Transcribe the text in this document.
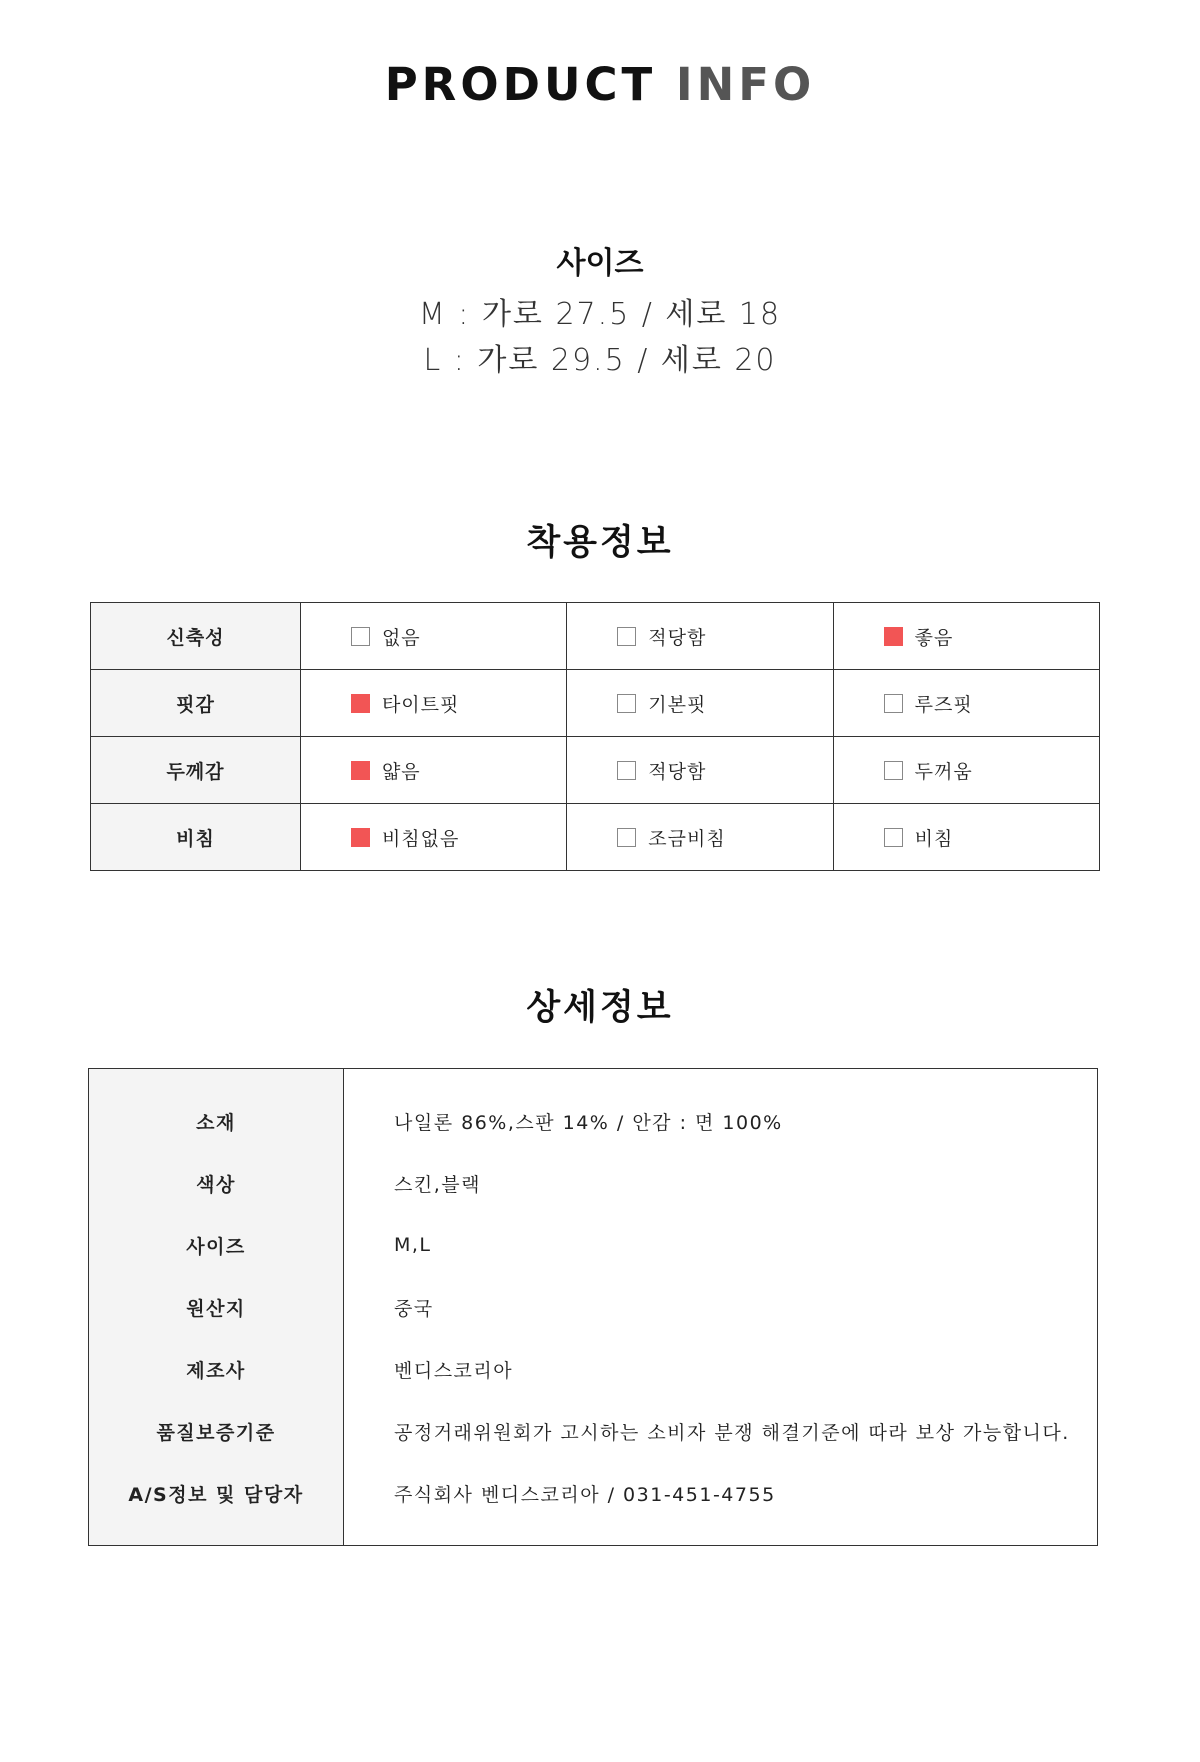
PRODUCT INFO
사이즈
M : 가로 27.5 / 세로 18
L : 가로 29.5 / 세로 20
착용정보
신축성	없음	적당함	좋음

핏감	타이트핏	기본핏	루즈핏

두께감	얇음	적당함	두꺼움

비침	비침없음	조금비침	비침
상세정보
소재	나일론 86%,스판 14% / 안감 : 면 100%
색상	스킨,블랙
사이즈	M,L
원산지	중국
제조사	벤디스코리아
품질보증기준	공정거래위원회가 고시하는 소비자 분쟁 해결기준에 따라 보상 가능합니다.
A/S정보 및 담당자	주식회사 벤디스코리아 / 031-451-4755
